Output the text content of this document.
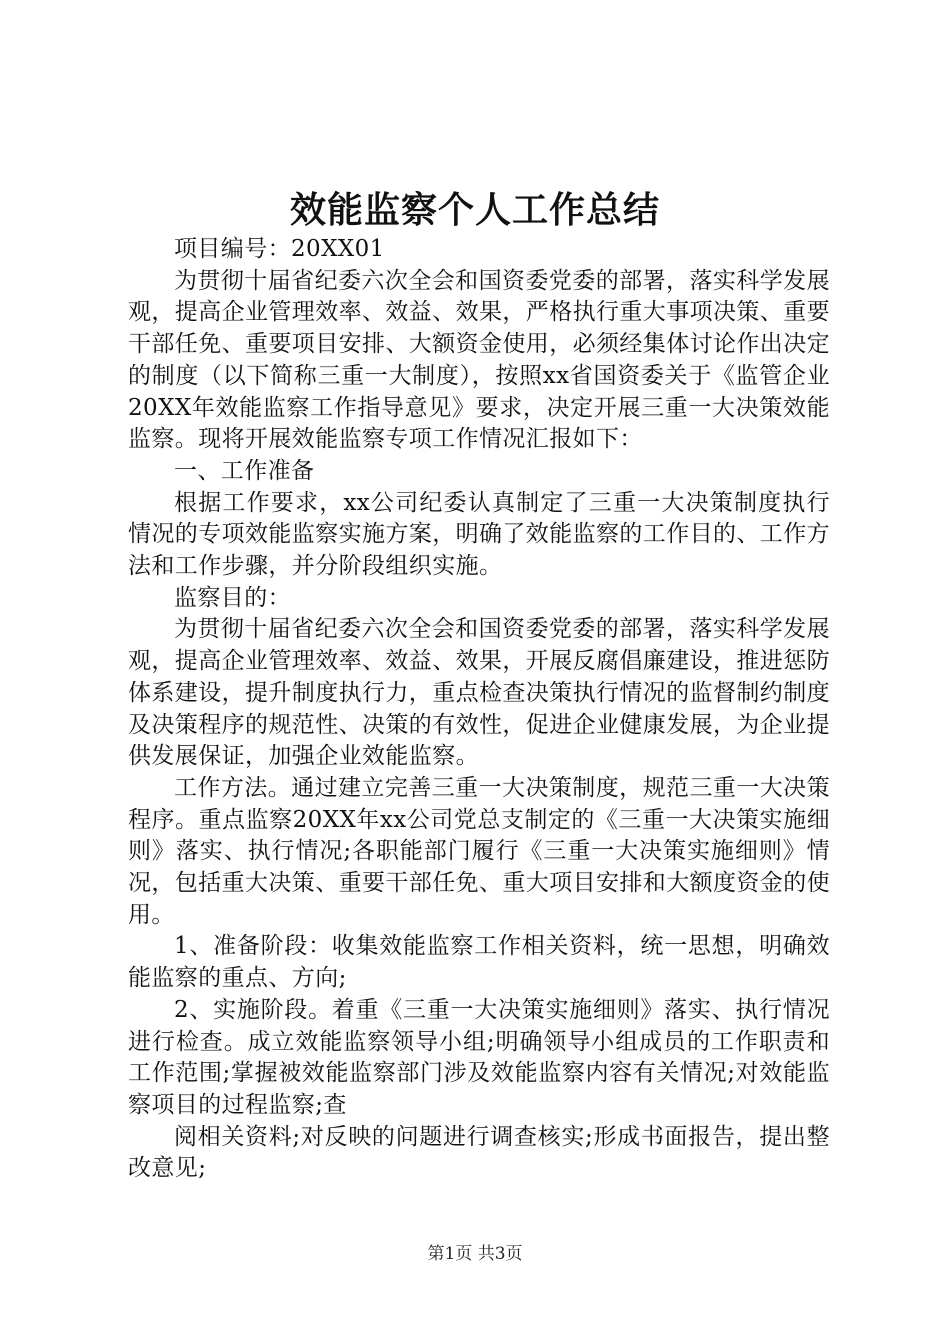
效能监察个人工作总结

项目编号：20XX01

为贯彻十届省纪委六次全会和国资委党委的部署，落实科学发展观，提高企业管理效率、效益、效果，严格执行重大事项决策、重要干部任免、重要项目安排、大额资金使用，必须经集体讨论作出决定的制度（以下简称三重一大制度），按照xx省国资委关于《监管企业20XX年效能监察工作指导意见》要求，决定开展三重一大决策效能监察。现将开展效能监察专项工作情况汇报如下：

一、工作准备

根据工作要求，xx公司纪委认真制定了三重一大决策制度执行情况的专项效能监察实施方案，明确了效能监察的工作目的、工作方法和工作步骤，并分阶段组织实施。

监察目的：

为贯彻十届省纪委六次全会和国资委党委的部署，落实科学发展观，提高企业管理效率、效益、效果，开展反腐倡廉建设，推进惩防体系建设，提升制度执行力，重点检查决策执行情况的监督制约制度及决策程序的规范性、决策的有效性，促进企业健康发展，为企业提供发展保证，加强企业效能监察。

工作方法。通过建立完善三重一大决策制度，规范三重一大决策程序。重点监察20XX年xx公司党总支制定的《三重一大决策实施细则》落实、执行情况;各职能部门履行《三重一大决策实施细则》情况，包括重大决策、重要干部任免、重大项目安排和大额度资金的使用。

1、准备阶段：收集效能监察工作相关资料，统一思想，明确效能监察的重点、方向;

2、实施阶段。着重《三重一大决策实施细则》落实、执行情况进行检查。成立效能监察领导小组;明确领导小组成员的工作职责和工作范围;掌握被效能监察部门涉及效能监察内容有关情况;对效能监察项目的过程监察;查

阅相关资料;对反映的问题进行调查核实;形成书面报告，提出整改意见;

第1页 共3页
